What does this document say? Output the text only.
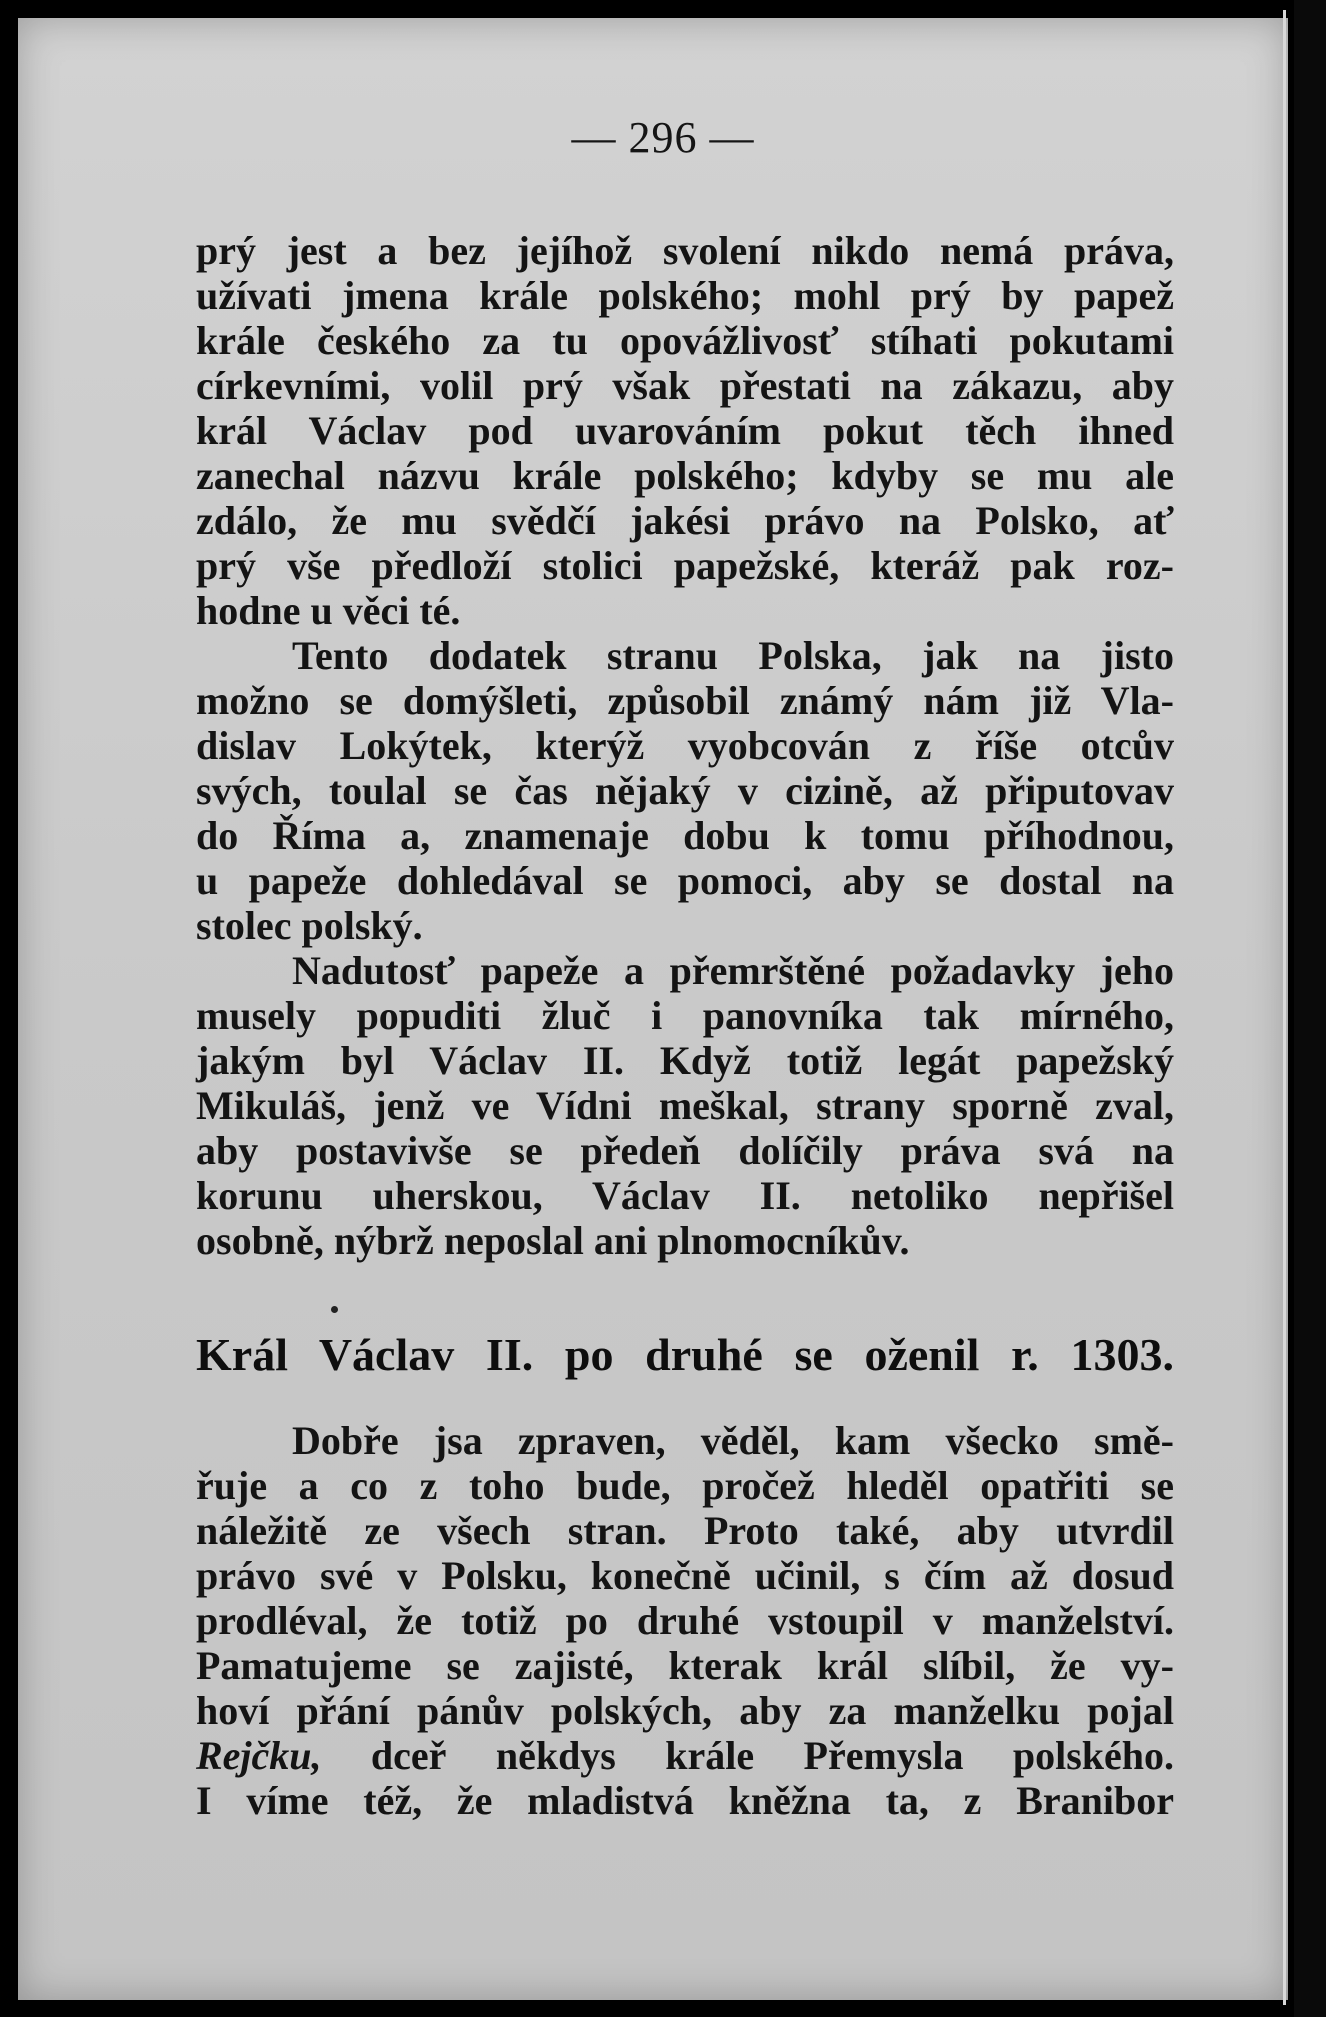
— 296 —
prý jest a bez jejíhož svolení nikdo nemá práva,
užívati jmena krále polského; mohl prý by papež
krále českého za tu opovážlivosť stíhati pokutami
církevními, volil prý však přestati na zákazu, aby
král Václav pod uvarováním pokut těch ihned
zanechal názvu krále polského; kdyby se mu ale
zdálo, že mu svědčí jakési právo na Polsko, ať
prý vše předloží stolici papežské, kteráž pak roz-
hodne u věci té.
Tento dodatek stranu Polska, jak na jisto
možno se domýšleti, způsobil známý nám již Vla-
dislav Lokýtek, kterýž vyobcován z říše otcův
svých, toulal se čas nějaký v cizině, až připutovav
do Říma a, znamenaje dobu k tomu příhodnou,
u papeže dohledával se pomoci, aby se dostal na
stolec polský.
Nadutosť papeže a přemrštěné požadavky jeho
musely popuditi žluč i panovníka tak mírného,
jakým byl Václav II. Když totiž legát papežský
Mikuláš, jenž ve Vídni meškal, strany sporně zval,
aby postavivše se předeň dolíčily práva svá na
korunu uherskou, Václav II. netoliko nepřišel
osobně, nýbrž neposlal ani plnomocníkův.
Král Václav II. po druhé se oženil r. 1303.
Dobře jsa zpraven, věděl, kam všecko smě-
řuje a co z toho bude, pročež hleděl opatřiti se
náležitě ze všech stran. Proto také, aby utvrdil
právo své v Polsku, konečně učinil, s čím až dosud
prodléval, že totiž po druhé vstoupil v manželství.
Pamatujeme se zajisté, kterak král slíbil, že vy-
hoví přání pánův polských, aby za manželku pojal
Rejčku, dceř někdys krále Přemysla polského.
I víme též, že mladistvá kněžna ta, z Branibor
